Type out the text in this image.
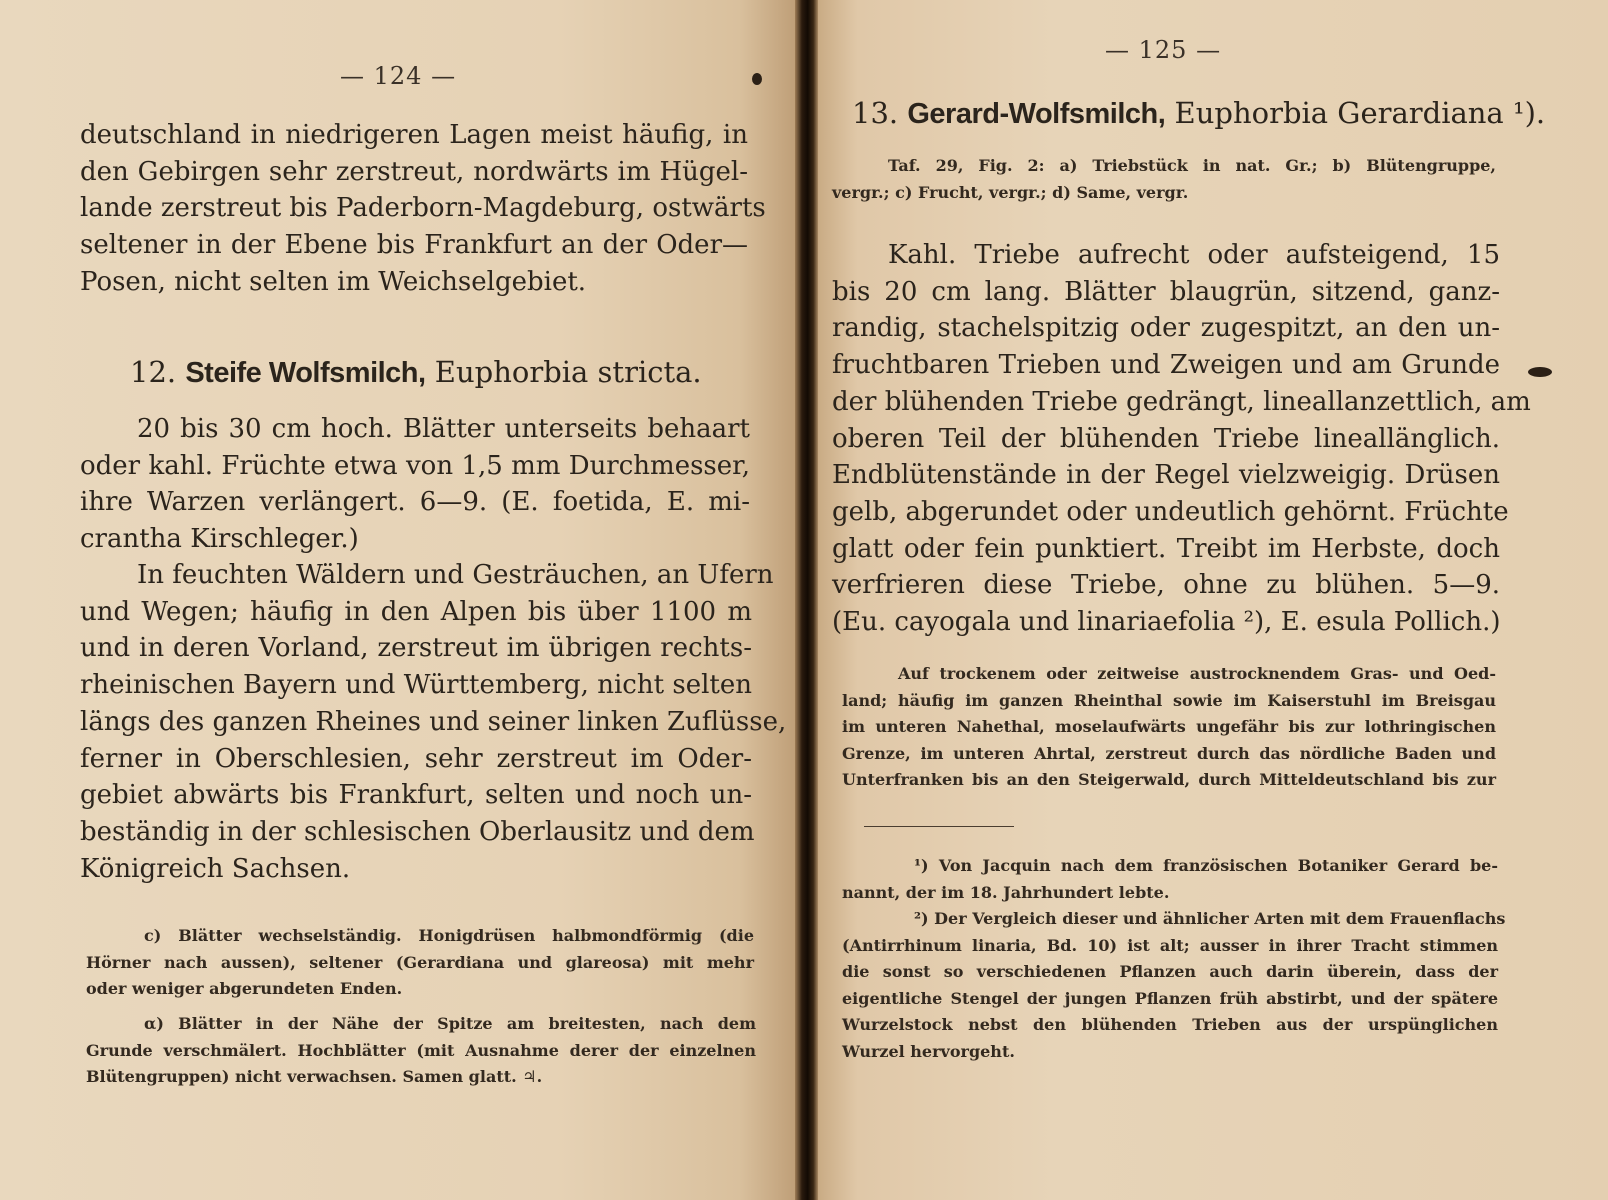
— 124 —
deutschland in niedrigeren Lagen meist häufig, in
den Gebirgen sehr zerstreut, nordwärts im Hügel-
lande zerstreut bis Paderborn-Magdeburg, ostwärts
seltener in der Ebene bis Frankfurt an der Oder—
Posen, nicht selten im Weichselgebiet.
12. Steife Wolfsmilch, Euphorbia stricta.
20 bis 30 cm hoch. Blätter unterseits behaart
oder kahl. Früchte etwa von 1,5 mm Durchmesser,
ihre Warzen verlängert. 6—9. (E. foetida, E. mi-
crantha Kirschleger.)
In feuchten Wäldern und Gesträuchen, an Ufern
und Wegen; häufig in den Alpen bis über 1100 m
und in deren Vorland, zerstreut im übrigen rechts-
rheinischen Bayern und Württemberg, nicht selten
längs des ganzen Rheines und seiner linken Zuflüsse,
ferner in Oberschlesien, sehr zerstreut im Oder-
gebiet abwärts bis Frankfurt, selten und noch un-
beständig in der schlesischen Oberlausitz und dem
Königreich Sachsen.
c) Blätter wechselständig. Honigdrüsen halbmondförmig (die
Hörner nach aussen), seltener (Gerardiana und glareosa) mit mehr
oder weniger abgerundeten Enden.
α) Blätter in der Nähe der Spitze am breitesten, nach dem
Grunde verschmälert. Hochblätter (mit Ausnahme derer der einzelnen
Blütengruppen) nicht verwachsen. Samen glatt. ♃.
— 125 —
13. Gerard-Wolfsmilch, Euphorbia Gerardiana ¹).
Taf. 29, Fig. 2: a) Triebstück in nat. Gr.; b) Blütengruppe,
vergr.; c) Frucht, vergr.; d) Same, vergr.
Kahl. Triebe aufrecht oder aufsteigend, 15
bis 20 cm lang. Blätter blaugrün, sitzend, ganz-
randig, stachelspitzig oder zugespitzt, an den un-
fruchtbaren Trieben und Zweigen und am Grunde
der blühenden Triebe gedrängt, lineallanzettlich, am
oberen Teil der blühenden Triebe lineallänglich.
Endblütenstände in der Regel vielzweigig. Drüsen
gelb, abgerundet oder undeutlich gehörnt. Früchte
glatt oder fein punktiert. Treibt im Herbste, doch
verfrieren diese Triebe, ohne zu blühen. 5—9.
(Eu. cayogala und linariaefolia ²), E. esula Pollich.)
Auf trockenem oder zeitweise austrocknendem Gras- und Oed-
land; häufig im ganzen Rheinthal sowie im Kaiserstuhl im Breisgau
im unteren Nahethal, moselaufwärts ungefähr bis zur lothringischen
Grenze, im unteren Ahrtal, zerstreut durch das nördliche Baden und
Unterfranken bis an den Steigerwald, durch Mitteldeutschland bis zur
¹) Von Jacquin nach dem französischen Botaniker Gerard be-
nannt, der im 18. Jahrhundert lebte.
²) Der Vergleich dieser und ähnlicher Arten mit dem Frauenflachs
(Antirrhinum linaria, Bd. 10) ist alt; ausser in ihrer Tracht stimmen
die sonst so verschiedenen Pflanzen auch darin überein, dass der
eigentliche Stengel der jungen Pflanzen früh abstirbt, und der spätere
Wurzelstock nebst den blühenden Trieben aus der urspünglichen
Wurzel hervorgeht.
